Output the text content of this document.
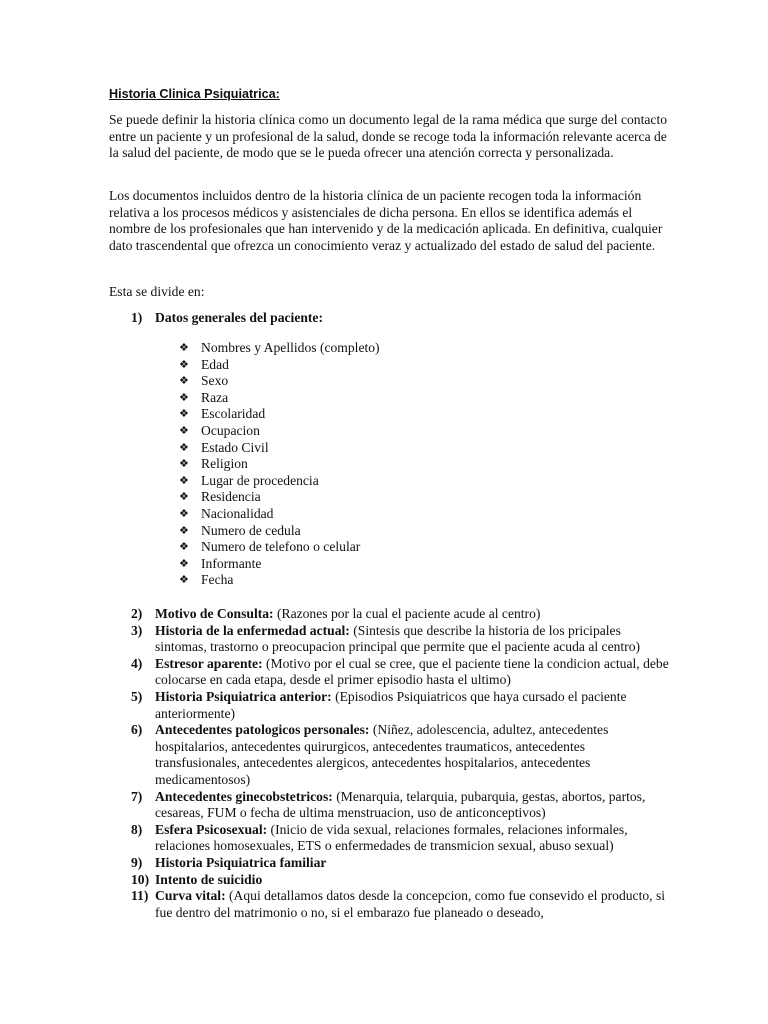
Historia Clinica Psiquiatrica:

Se puede definir la historia clínica como un documento legal de la rama médica que surge del contacto entre un paciente y un profesional de la salud, donde se recoge toda la información relevante acerca de la salud del paciente, de modo que se le pueda ofrecer una atención correcta y personalizada.

Los documentos incluidos dentro de la historia clínica de un paciente recogen toda la información relativa a los procesos médicos y asistenciales de dicha persona. En ellos se identifica además el nombre de los profesionales que han intervenido y de la medicación aplicada. En definitiva, cualquier dato trascendental que ofrezca un conocimiento veraz y actualizado del estado de salud del paciente.

Esta se divide en:

1) Datos generales del paciente:
❖ Nombres y Apellidos (completo)
❖ Edad
❖ Sexo
❖ Raza
❖ Escolaridad
❖ Ocupacion
❖ Estado Civil
❖ Religion
❖ Lugar de procedencia
❖ Residencia
❖ Nacionalidad
❖ Numero de cedula
❖ Numero de telefono o celular
❖ Informante
❖ Fecha
2) Motivo de Consulta: (Razones por la cual el paciente acude al centro)
3) Historia de la enfermedad actual: (Sintesis que describe la historia de los pricipales sintomas, trastorno o preocupacion principal que permite que el paciente acuda al centro)
4) Estresor aparente: (Motivo por el cual se cree, que el paciente tiene la condicion actual, debe colocarse en cada etapa, desde el primer episodio hasta el ultimo)
5) Historia Psiquiatrica anterior: (Episodios Psiquiatricos que haya cursado el paciente anteriormente)
6) Antecedentes patologicos personales: (Niñez, adolescencia, adultez, antecedentes hospitalarios, antecedentes quirurgicos, antecedentes traumaticos, antecedentes transfusionales, antecedentes alergicos, antecedentes hospitalarios, antecedentes medicamentosos)
7) Antecedentes ginecobstetricos: (Menarquia, telarquia, pubarquia, gestas, abortos, partos, cesareas, FUM o fecha de ultima menstruacion, uso de anticonceptivos)
8) Esfera Psicosexual: (Inicio de vida sexual, relaciones formales, relaciones informales, relaciones homosexuales, ETS o enfermedades de transmicion sexual, abuso sexual)
9) Historia Psiquiatrica familiar
10) Intento de suicidio
11) Curva vital: (Aqui detallamos datos desde la concepcion, como fue consevido el producto, si fue dentro del matrimonio o no, si el embarazo fue planeado o deseado,
